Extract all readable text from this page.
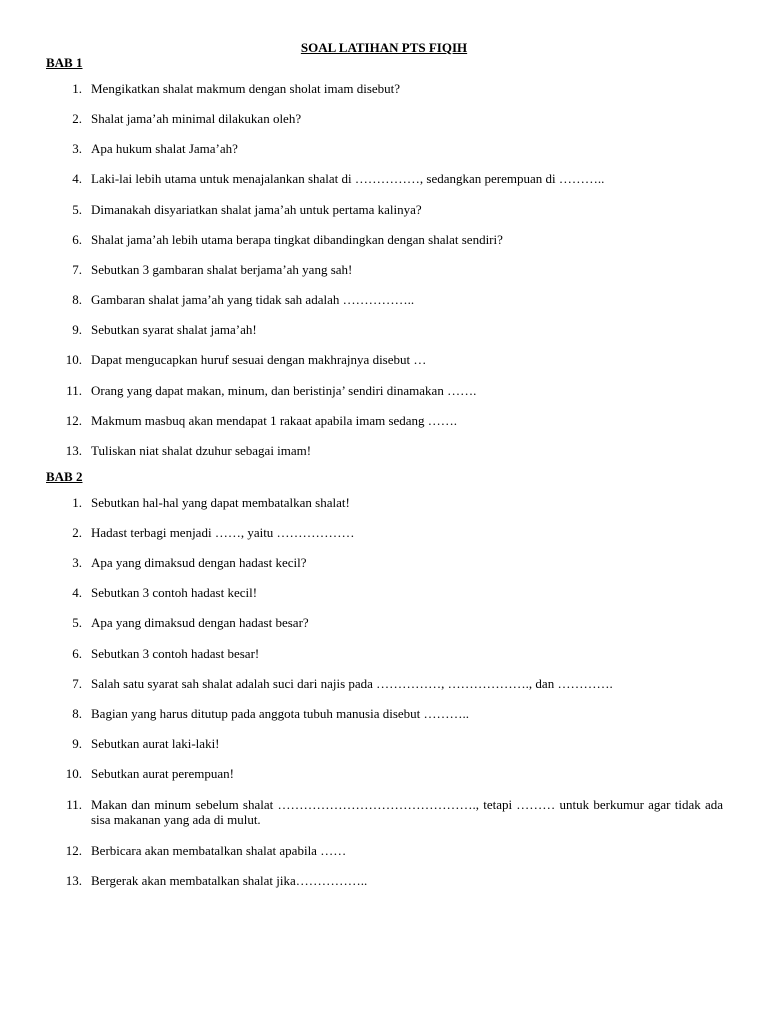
SOAL LATIHAN PTS FIQIH
BAB 1
1. Mengikatkan shalat makmum dengan sholat imam disebut?
2. Shalat jama’ah minimal dilakukan oleh?
3. Apa hukum shalat Jama’ah?
4. Laki-lai lebih utama untuk menajalankan shalat di ……………, sedangkan perempuan di ………..
5. Dimanakah disyariatkan shalat jama’ah untuk pertama kalinya?
6. Shalat jama’ah lebih utama berapa tingkat dibandingkan dengan shalat sendiri?
7. Sebutkan 3 gambaran shalat berjama’ah yang sah!
8. Gambaran shalat jama’ah yang tidak sah adalah ……………..
9. Sebutkan syarat shalat jama’ah!
10. Dapat mengucapkan huruf sesuai dengan makhrajnya disebut …
11. Orang yang dapat makan, minum, dan beristinja’ sendiri dinamakan …….
12. Makmum masbuq akan mendapat 1 rakaat apabila imam sedang …….
13. Tuliskan niat shalat dzuhur sebagai imam!
BAB 2
1. Sebutkan hal-hal yang dapat membatalkan shalat!
2. Hadast terbagi menjadi ……, yaitu ………………
3. Apa yang dimaksud dengan hadast kecil?
4. Sebutkan 3 contoh hadast kecil!
5. Apa yang dimaksud dengan hadast besar?
6. Sebutkan 3 contoh hadast besar!
7. Salah satu syarat sah shalat adalah suci dari najis pada ……………, ………………., dan ………….
8. Bagian yang harus ditutup pada anggota tubuh manusia disebut ………..
9. Sebutkan aurat laki-laki!
10. Sebutkan aurat perempuan!
11. Makan dan minum sebelum shalat ………………………………………., tetapi ……… untuk berkumur agar tidak ada sisa makanan yang ada di mulut.
12. Berbicara akan membatalkan shalat apabila ……
13. Bergerak akan membatalkan shalat jika……………..
